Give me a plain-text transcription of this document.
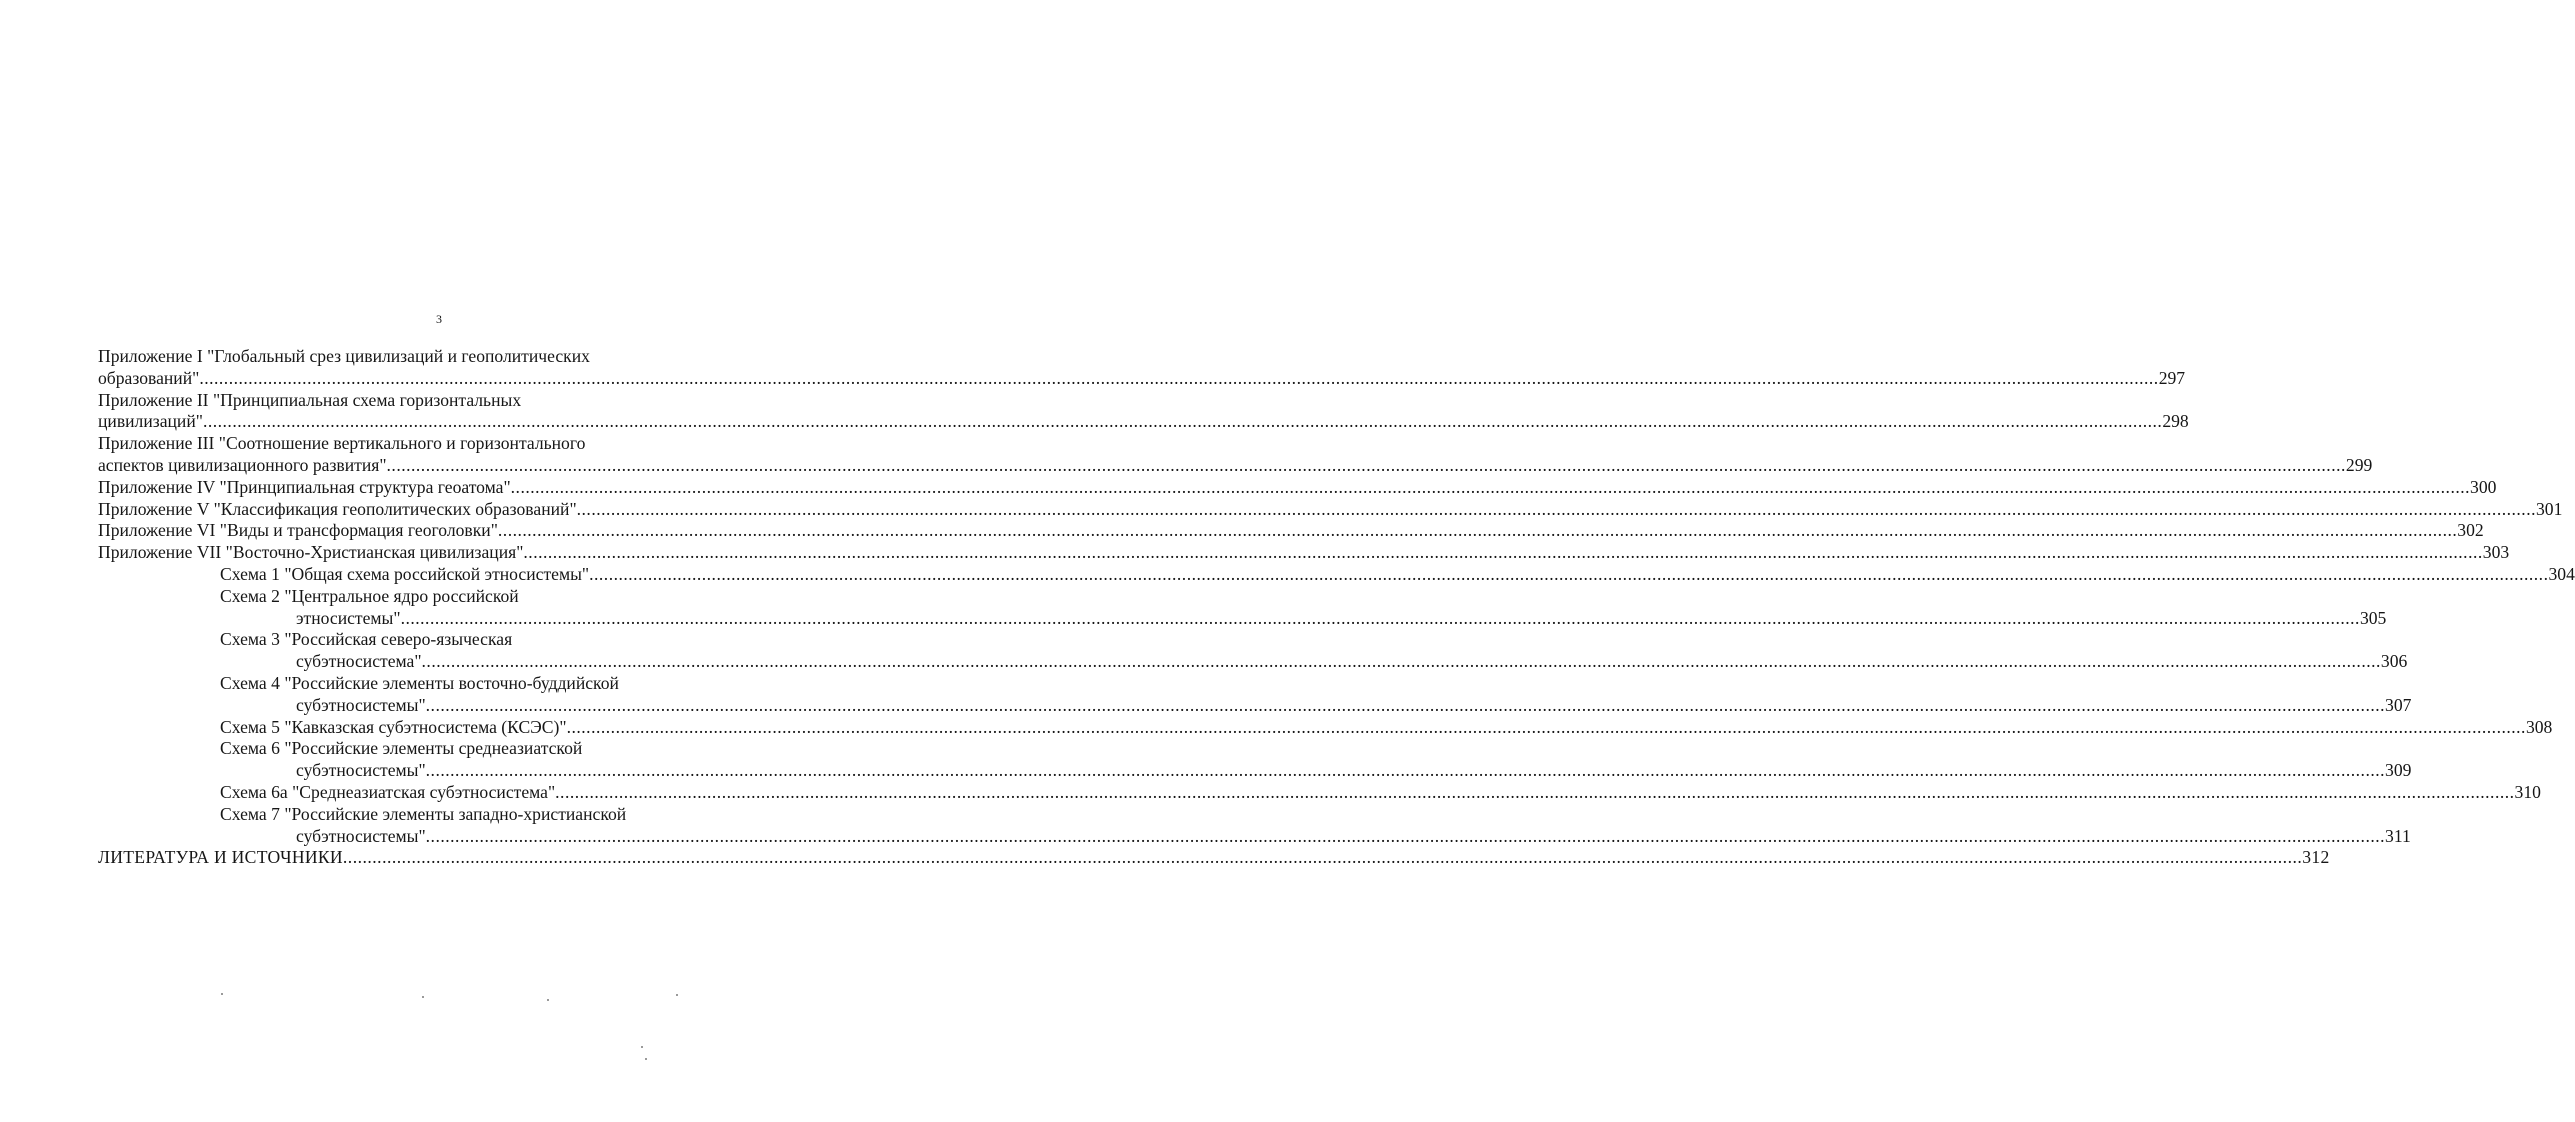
3
Приложение I "Глобальный срез цивилизаций и геополитических
образований" ................................................................................................................................................................................................................................................................................................................................................................................................................ 297
Приложение II "Принципиальная схема горизонтальных
цивилизаций" ................................................................................................................................................................................................................................................................................................................................................................................................................ 298
Приложение III "Соотношение вертикального и горизонтального
аспектов цивилизационного развития" ................................................................................................................................................................................................................................................................................................................................................................................................................ 299
Приложение IV "Принципиальная структура геоатома" ................................................................................................................................................................................................................................................................................................................................................................................................................ 300
Приложение V "Классификация геополитических образований" ................................................................................................................................................................................................................................................................................................................................................................................................................ 301
Приложение VI "Виды и трансформация геоголовки" ................................................................................................................................................................................................................................................................................................................................................................................................................ 302
Приложение VII "Восточно-Христианская цивилизация" ................................................................................................................................................................................................................................................................................................................................................................................................................ 303
Схема 1 "Общая схема российской этносистемы" ................................................................................................................................................................................................................................................................................................................................................................................................................ 304
Схема 2 "Центральное ядро российской
этносистемы" ................................................................................................................................................................................................................................................................................................................................................................................................................ 305
Схема 3 "Российская северо-языческая
субэтносистема" ................................................................................................................................................................................................................................................................................................................................................................................................................ 306
Схема 4 "Российские элементы восточно-буддийской
субэтносистемы" ................................................................................................................................................................................................................................................................................................................................................................................................................ 307
Схема 5 "Кавказская субэтносистема (КСЭС)" ................................................................................................................................................................................................................................................................................................................................................................................................................ 308
Схема 6 "Российские элементы среднеазиатской
субэтносистемы" ................................................................................................................................................................................................................................................................................................................................................................................................................ 309
Схема 6а "Среднеазиатская субэтносистема" ................................................................................................................................................................................................................................................................................................................................................................................................................ 310
Схема 7 "Российские элементы западно-христианской
субэтносистемы" ................................................................................................................................................................................................................................................................................................................................................................................................................ 311
ЛИТЕРАТУРА И ИСТОЧНИКИ ................................................................................................................................................................................................................................................................................................................................................................................................................ 312
